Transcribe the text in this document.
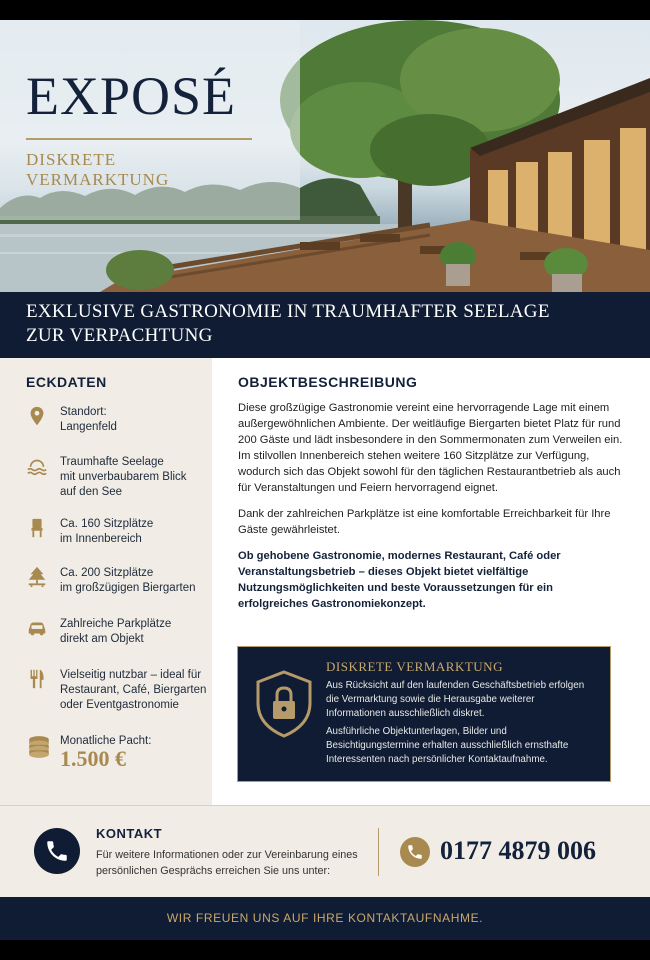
EXPOSÉ
DISKRETE VERMARKTUNG
EXKLUSIVE GASTRONOMIE IN TRAUMHAFTER SEELAGE
ZUR VERPACHTUNG
ECKDATEN
Standort:
Langenfeld
Traumhafte Seelage
mit unverbaubarem Blick
auf den See
Ca. 160 Sitzplätze
im Innenbereich
Ca. 200 Sitzplätze
im großzügigen Biergarten
Zahlreiche Parkplätze
direkt am Objekt
Vielseitig nutzbar – ideal für
Restaurant, Café, Biergarten
oder Eventgastronomie
Monatliche Pacht:
1.500 €
OBJEKTBESCHREIBUNG
Diese großzügige Gastronomie vereint eine hervorragende Lage mit einem außergewöhnlichen Ambiente. Der weitläufige Biergarten bietet Platz für rund 200 Gäste und lädt insbesondere in den Sommermonaten zum Verweilen ein. Im stilvollen Innenbereich stehen weitere 160 Sitzplätze zur Verfügung, wodurch sich das Objekt sowohl für den täglichen Restaurantbetrieb als auch für Veranstaltungen und Feiern hervorragend eignet.
Dank der zahlreichen Parkplätze ist eine komfortable Erreichbarkeit für Ihre Gäste gewährleistet.
Ob gehobene Gastronomie, modernes Restaurant, Café oder Veranstaltungsbetrieb – dieses Objekt bietet vielfältige Nutzungsmöglichkeiten und beste Voraussetzungen für ein erfolgreiches Gastronomiekonzept.
DISKRETE VERMARKTUNG
Aus Rücksicht auf den laufenden Geschäftsbetrieb erfolgen die Vermarktung sowie die Herausgabe weiterer Informationen ausschließlich diskret.
Ausführliche Objektunterlagen, Bilder und Besichtigungstermine erhalten ausschließlich ernsthafte Interessenten nach persönlicher Kontaktaufnahme.
KONTAKT
Für weitere Informationen oder zur Vereinbarung eines persönlichen Gesprächs erreichen Sie uns unter:
0177 4879 006
WIR FREUEN UNS AUF IHRE KONTAKTAUFNAHME.
